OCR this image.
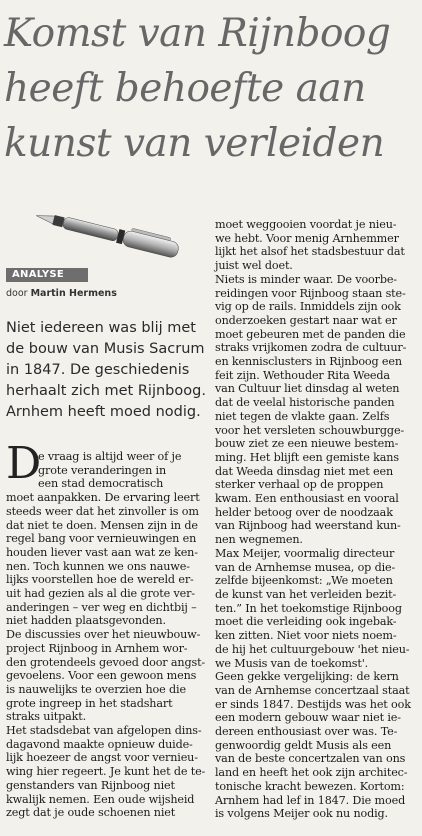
Komst van Rijnboog
heeft behoefte aan
kunst van verleiden
ANALYSE
door Martin Hermens
Niet iedereen was blij met
de bouw van Musis Sacrum
in 1847. De geschiedenis
herhaalt zich met Rijnboog.
Arnhem heeft moed nodig.
D
e vraag is altijd weer of je
grote veranderingen in
een stad democratisch
moet aanpakken. De ervaring leert
steeds weer dat het zinvoller is om
dat niet te doen. Mensen zijn in de
regel bang voor vernieuwingen en
houden liever vast aan wat ze ken-
nen. Toch kunnen we ons nauwe-
lijks voorstellen hoe de wereld er-
uit had gezien als al die grote ver-
anderingen – ver weg en dichtbij –
niet hadden plaatsgevonden.
De discussies over het nieuwbouw-
project Rijnboog in Arnhem wor-
den grotendeels gevoed door angst-
gevoelens. Voor een gewoon mens
is nauwelijks te overzien hoe die
grote ingreep in het stadshart
straks uitpakt.
Het stadsdebat van afgelopen dins-
dagavond maakte opnieuw duide-
lijk hoezeer de angst voor vernieu-
wing hier regeert. Je kunt het de te-
genstanders van Rijnboog niet
kwalijk nemen. Een oude wijsheid
zegt dat je oude schoenen niet
moet weggooien voordat je nieu-
we hebt. Voor menig Arnhemmer
lijkt het alsof het stadsbestuur dat
juist wel doet.
Niets is minder waar. De voorbe-
reidingen voor Rijnboog staan ste-
vig op de rails. Inmiddels zijn ook
onderzoeken gestart naar wat er
moet gebeuren met de panden die
straks vrijkomen zodra de cultuur-
en kennisclusters in Rijnboog een
feit zijn. Wethouder Rita Weeda
van Cultuur liet dinsdag al weten
dat de veelal historische panden
niet tegen de vlakte gaan. Zelfs
voor het versleten schouwburgge-
bouw ziet ze een nieuwe bestem-
ming. Het blijft een gemiste kans
dat Weeda dinsdag niet met een
sterker verhaal op de proppen
kwam. Een enthousiast en vooral
helder betoog over de noodzaak
van Rijnboog had weerstand kun-
nen wegnemen.
Max Meijer, voormalig directeur
van de Arnhemse musea, op die-
zelfde bijeenkomst: „We moeten
de kunst van het verleiden bezit-
ten.” In het toekomstige Rijnboog
moet die verleiding ook ingebak-
ken zitten. Niet voor niets noem-
de hij het cultuurgebouw 'het nieu-
we Musis van de toekomst'.
Geen gekke vergelijking: de kern
van de Arnhemse concertzaal staat
er sinds 1847. Destijds was het ook
een modern gebouw waar niet ie-
dereen enthousiast over was. Te-
genwoordig geldt Musis als een
van de beste concertzalen van ons
land en heeft het ook zijn architec-
tonische kracht bewezen. Kortom:
Arnhem had lef in 1847. Die moed
is volgens Meijer ook nu nodig.
